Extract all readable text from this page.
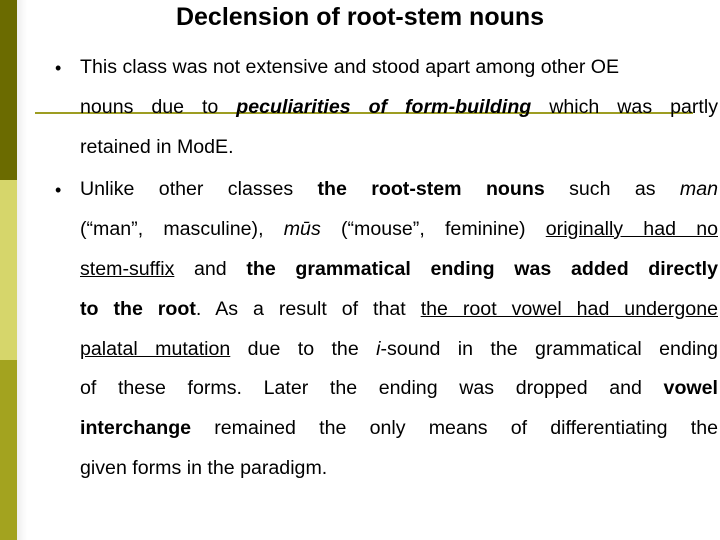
Declension of root-stem nouns
• This class was not extensive and stood apart among other OE
nouns due to peculiarities of form-building which was partly
retained in ModE.
• Unlike other classes the root-stem nouns such as man
(“man”, masculine), mūs (“mouse”, feminine) originally had no
stem-suffix and the grammatical ending was added directly
to the root. As a result of that the root vowel had undergone
palatal mutation due to the i-sound in the grammatical ending
of these forms. Later the ending was dropped and vowel
interchange remained the only means of differentiating the
given forms in the paradigm.
